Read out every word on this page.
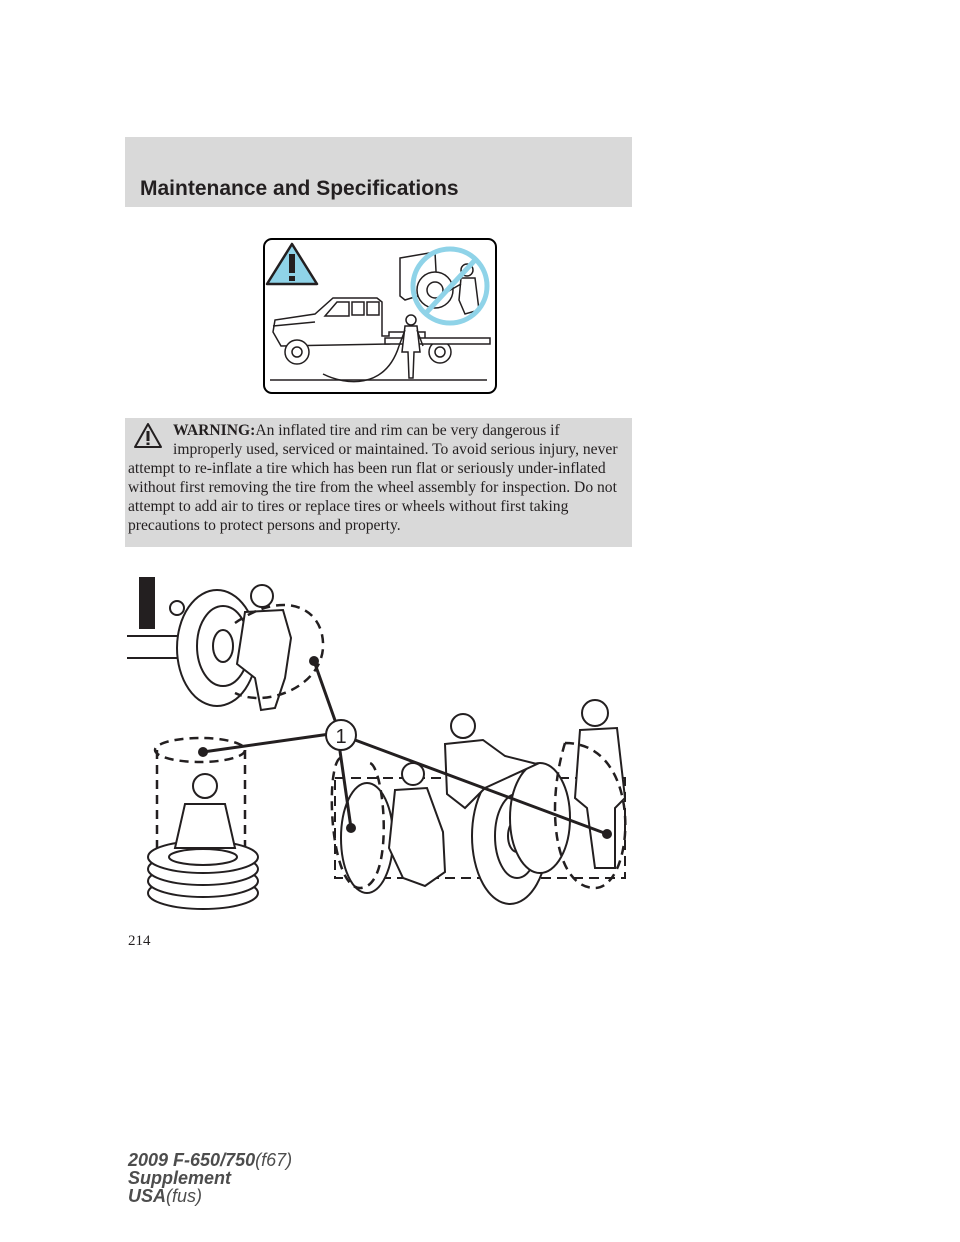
Maintenance and Specifications
WARNING:An inflated tire and rim can be very dangerous if improperly used, serviced or maintained. To avoid serious injury, never attempt to re-inflate a tire which has been run flat or seriously under-inflated without first removing the tire from the wheel assembly for inspection. Do not attempt to add air to tires or replace tires or wheels without first taking precautions to protect persons and property.
1
214
2009 F-650/750(f67)
Supplement
USA(fus)
